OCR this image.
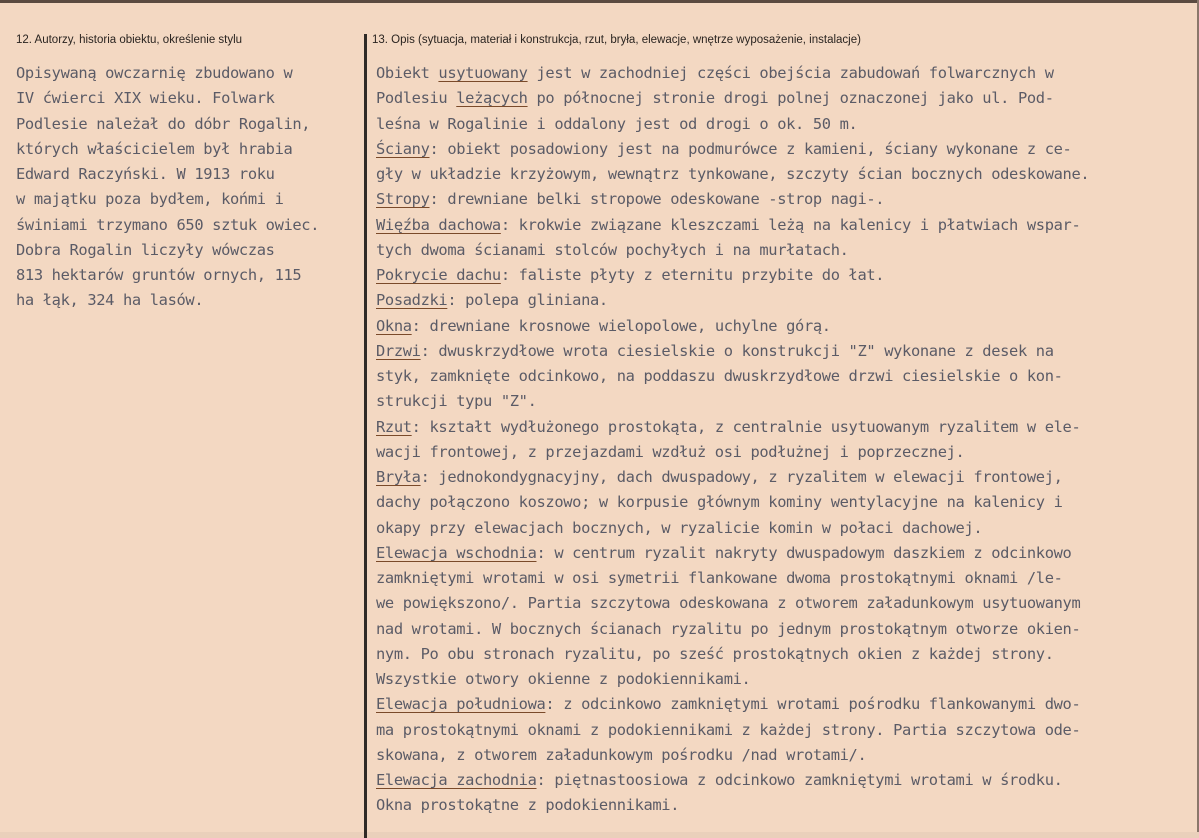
12. Autorzy, historia obiektu, określenie stylu	13. Opis (sytuacja, materiał i konstrukcja, rzut, bryła, elewacje, wnętrze wyposażenie, instalacje)
Opisywaną owczarnię zbudowano w
IV ćwierci XIX wieku. Folwark
Podlesie należał do dóbr Rogalin,
których właścicielem był hrabia
Edward Raczyński. W 1913 roku
w majątku poza bydłem, końmi i
świniami trzymano 650 sztuk owiec.
Dobra Rogalin liczyły wówczas
813 hektarów gruntów ornych, 115
ha łąk, 324 ha lasów.
Obiekt usytuowany jest w zachodniej części obejścia zabudowań folwarcznych w
Podlesiu leżących po północnej stronie drogi polnej oznaczonej jako ul. Pod-
leśna w Rogalinie i oddalony jest od drogi o ok. 50 m.
Ściany: obiekt posadowiony jest na podmurówce z kamieni, ściany wykonane z ce-
gły w układzie krzyżowym, wewnątrz tynkowane, szczyty ścian bocznych odeskowane.
Stropy: drewniane belki stropowe odeskowane -strop nagi-.
Więźba dachowa: krokwie związane kleszczami leżą na kalenicy i płatwiach wspar-
tych dwoma ścianami stolców pochyłych i na murłatach.
Pokrycie dachu: faliste płyty z eternitu przybite do łat.
Posadzki: polepa gliniana.
Okna: drewniane krosnowe wielopolowe, uchylne górą.
Drzwi: dwuskrzydłowe wrota ciesielskie o konstrukcji "Z" wykonane z desek na
styk, zamknięte odcinkowo, na poddaszu dwuskrzydłowe drzwi ciesielskie o kon-
strukcji typu "Z".
Rzut: kształt wydłużonego prostokąta, z centralnie usytuowanym ryzalitem w ele-
wacji frontowej, z przejazdami wzdłuż osi podłużnej i poprzecznej.
Bryła: jednokondygnacyjny, dach dwuspadowy, z ryzalitem w elewacji frontowej,
dachy połączono koszowo; w korpusie głównym kominy wentylacyjne na kalenicy i
okapy przy elewacjach bocznych, w ryzalicie komin w połaci dachowej.
Elewacja wschodnia: w centrum ryzalit nakryty dwuspadowym daszkiem z odcinkowo
zamkniętymi wrotami w osi symetrii flankowane dwoma prostokątnymi oknami /le-
we powiększono/. Partia szczytowa odeskowana z otworem załadunkowym usytuowanym
nad wrotami. W bocznych ścianach ryzalitu po jednym prostokątnym otworze okien-
nym. Po obu stronach ryzalitu, po sześć prostokątnych okien z każdej strony.
Wszystkie otwory okienne z podokiennikami.
Elewacja południowa: z odcinkowo zamkniętymi wrotami pośrodku flankowanymi dwo-
ma prostokątnymi oknami z podokiennikami z każdej strony. Partia szczytowa ode-
skowana, z otworem załadunkowym pośrodku /nad wrotami/.
Elewacja zachodnia: piętnastoosiowa z odcinkowo zamkniętymi wrotami w środku.
Okna prostokątne z podokiennikami.
